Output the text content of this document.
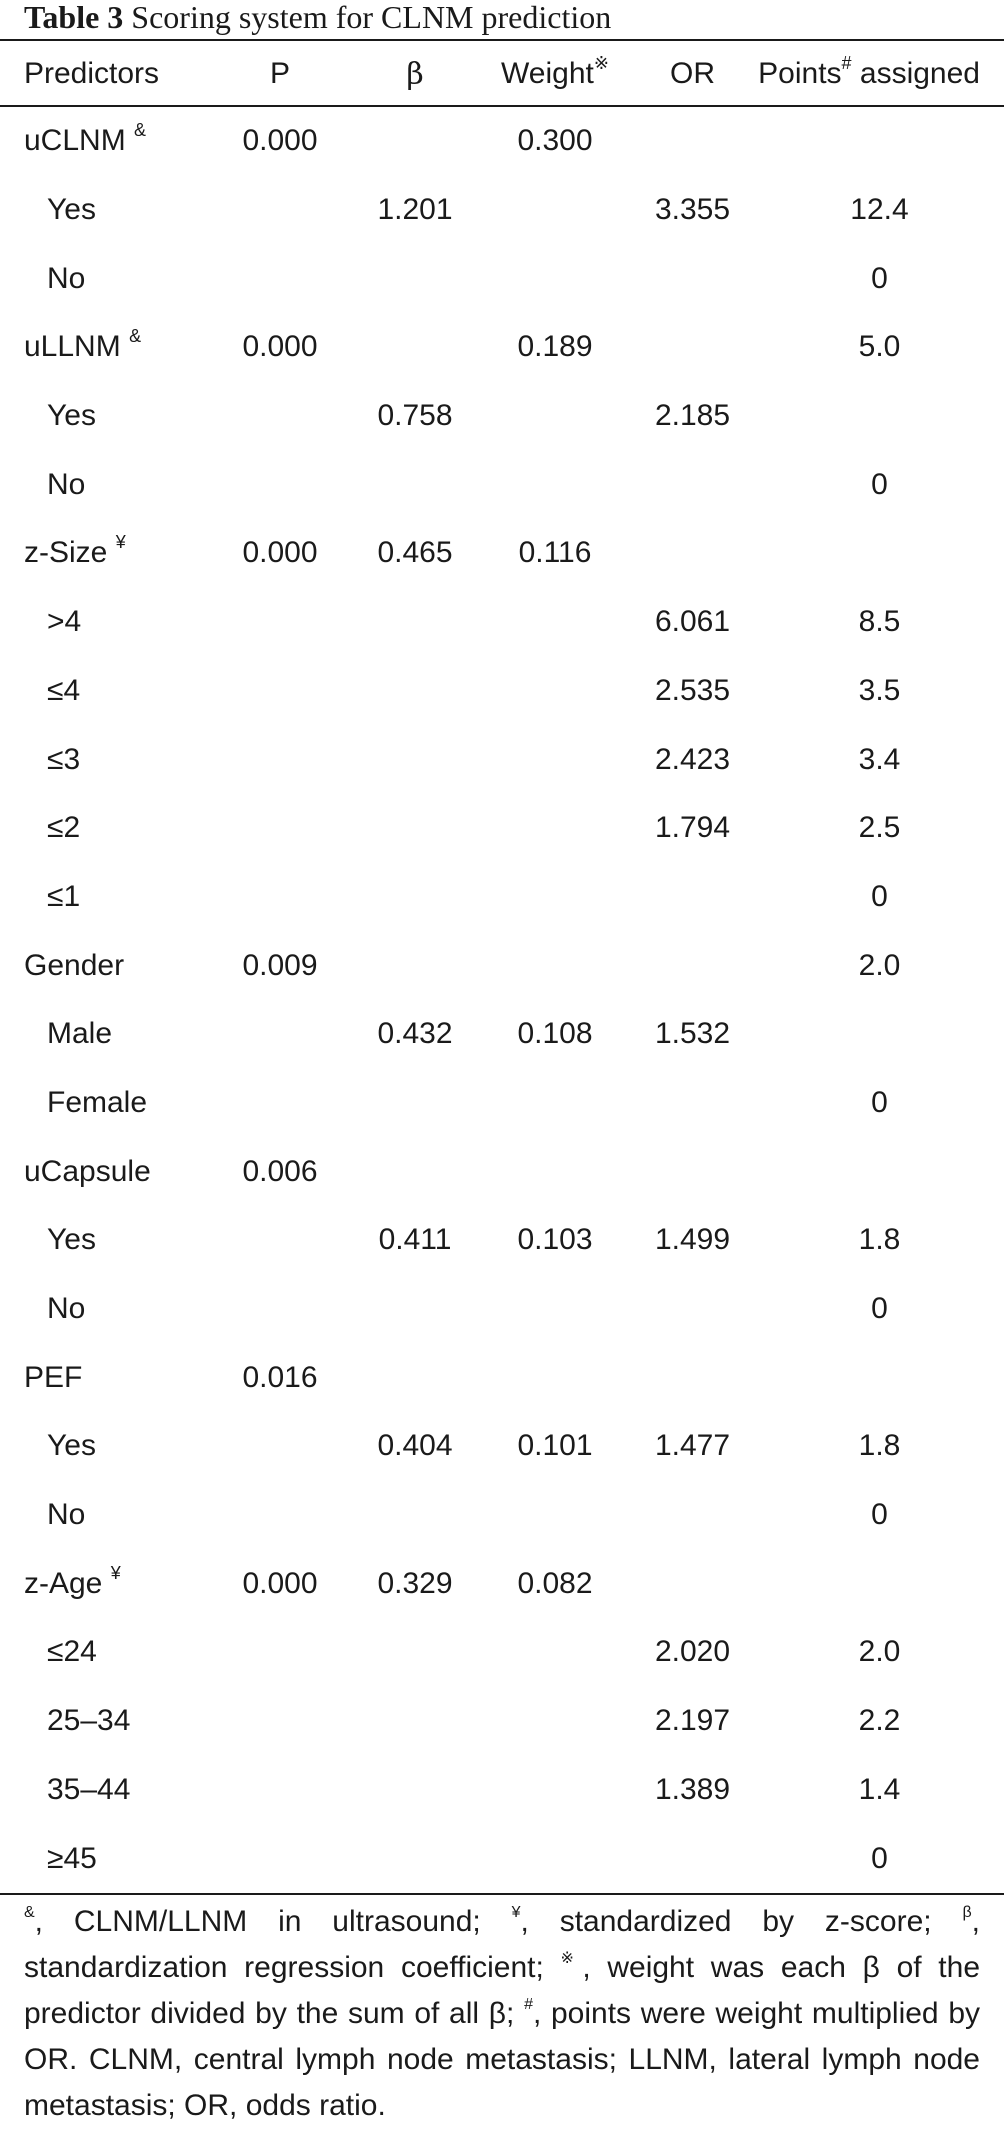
Table 3 Scoring system for CLNM prediction
Predictors	P	β	Weight※	OR	Points# assigned
uCLNM &	0.000		0.300		
Yes		1.201		3.355	12.4
No					0
uLLNM &	0.000		0.189		5.0
Yes		0.758		2.185	
No					0
z-Size ¥	0.000	0.465	0.116		
>4				6.061	8.5
≤4				2.535	3.5
≤3				2.423	3.4
≤2				1.794	2.5
≤1					0
Gender	0.009				2.0
Male		0.432	0.108	1.532	
Female					0
uCapsule	0.006				
Yes		0.411	0.103	1.499	1.8
No					0
PEF	0.016				
Yes		0.404	0.101	1.477	1.8
No					0
z-Age ¥	0.000	0.329	0.082		
≤24				2.020	2.0
25–34				2.197	2.2
35–44				1.389	1.4
≥45					0
&, CLNM/LLNM in ultrasound; ¥, standardized by z-score; $^\beta$, standardization regression coefficient; ※, weight was each β of the predictor divided by the sum of all β; #, points were weight multiplied by OR. CLNM, central lymph node metastasis; LLNM, lateral lymph node metastasis; OR, odds ratio.
